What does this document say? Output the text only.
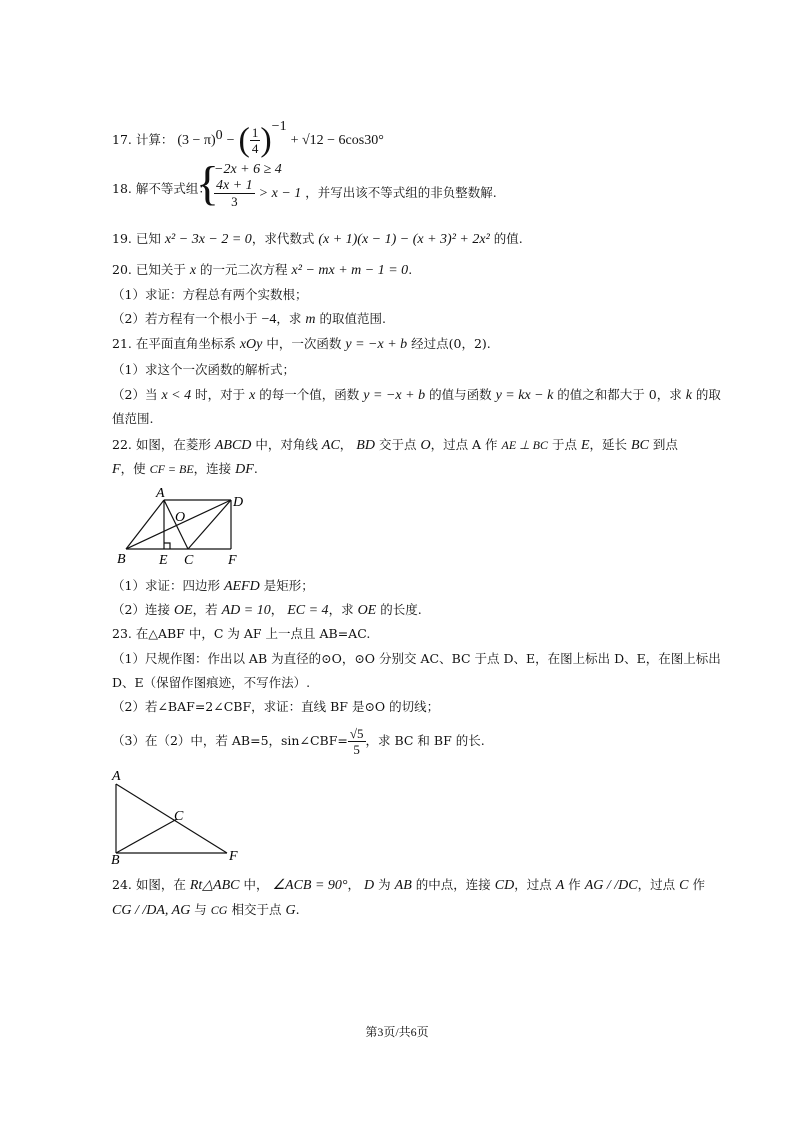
17. 计算： $(3 - \pi)^0$ − ( $\frac{1}{4} )^{-1} + √12 - 6\cos 30^\circ$
{
−2x + 6 ≥ 4
18. 解不等式组： $\frac{4x + 1}{3} > x - 1$ ，并写出该不等式组的非负整数解.
19. 已知 x² − 3x − 2 = 0，求代数式 (x + 1)(x − 1) − (x + 3)² + 2x² 的值.
20. 已知关于 x 的一元二次方程 x² − mx + m − 1 = 0.
（1）求证：方程总有两个实数根；
（2）若方程有一个根小于 −4，求 m 的取值范围.
21. 在平面直角坐标系 xOy 中，一次函数 y = −x + b 经过点(0，2).
（1）求这个一次函数的解析式；
（2）当 x < 4 时，对于 x 的每一个值，函数 y = −x + b 的值与函数 y = kx − k 的值之和都大于 0，求 k 的取
值范围.
22. 如图，在菱形 ABCD 中，对角线 AC， BD 交于点 O，过点 A 作 AE ⊥ BC 于点 E，延长 BC 到点
F，使 CF = BE，连接 DF.
A
D
O
B E C F
（1）求证：四边形 AEFD 是矩形；
（2）连接 OE，若 AD = 10， EC = 4，求 OE 的长度.
23. 在△ABF 中，C 为 AF 上一点且 AB=AC.
（1）尺规作图：作出以 AB 为直径的⊙O，⊙O 分别交 AC、BC 于点 D、E，在图上标出 D、E，在图上标出
D、E（保留作图痕迹，不写作法）.
（2）若∠BAF=2∠CBF，求证：直线 BF 是⊙O 的切线；
（3）在（2）中，若 AB=5，sin∠CBF= $\frac{√5}{5}$ ，求 BC 和 BF 的长.
A
C
B	F
24. 如图，在 Rt△ABC 中， ∠ACB = 90°， D 为 AB 的中点，连接 CD，过点 A 作 AG / /DC，过点 C 作
CG / /DA, AG 与 CG 相交于点 G.
第3页/共6页
